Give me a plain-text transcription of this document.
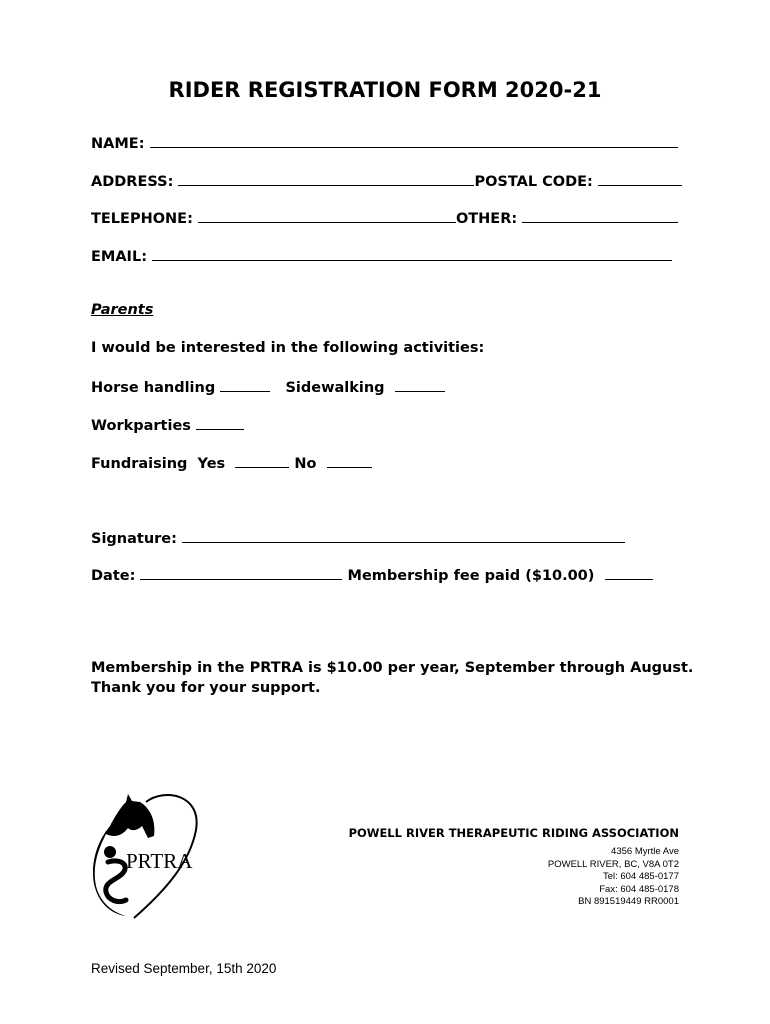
RIDER REGISTRATION FORM 2020-21
NAME:
ADDRESS:	POSTAL CODE:
TELEPHONE:	OTHER:
EMAIL:
Parents
I would be interested in the following activities:
Horse handling	Sidewalking
Workparties
Fundraising Yes	No
Signature:
Date:	Membership fee paid ($10.00)
Membership in the PRTRA is $10.00 per year, September through August.
Thank you for your support.
PRTRA
POWELL RIVER THERAPEUTIC RIDING ASSOCIATION
4356 Myrtle Ave
POWELL RIVER, BC, V8A 0T2
Tel: 604 485-0177
Fax: 604 485-0178
BN 891519449 RR0001
Revised September, 15th 2020
